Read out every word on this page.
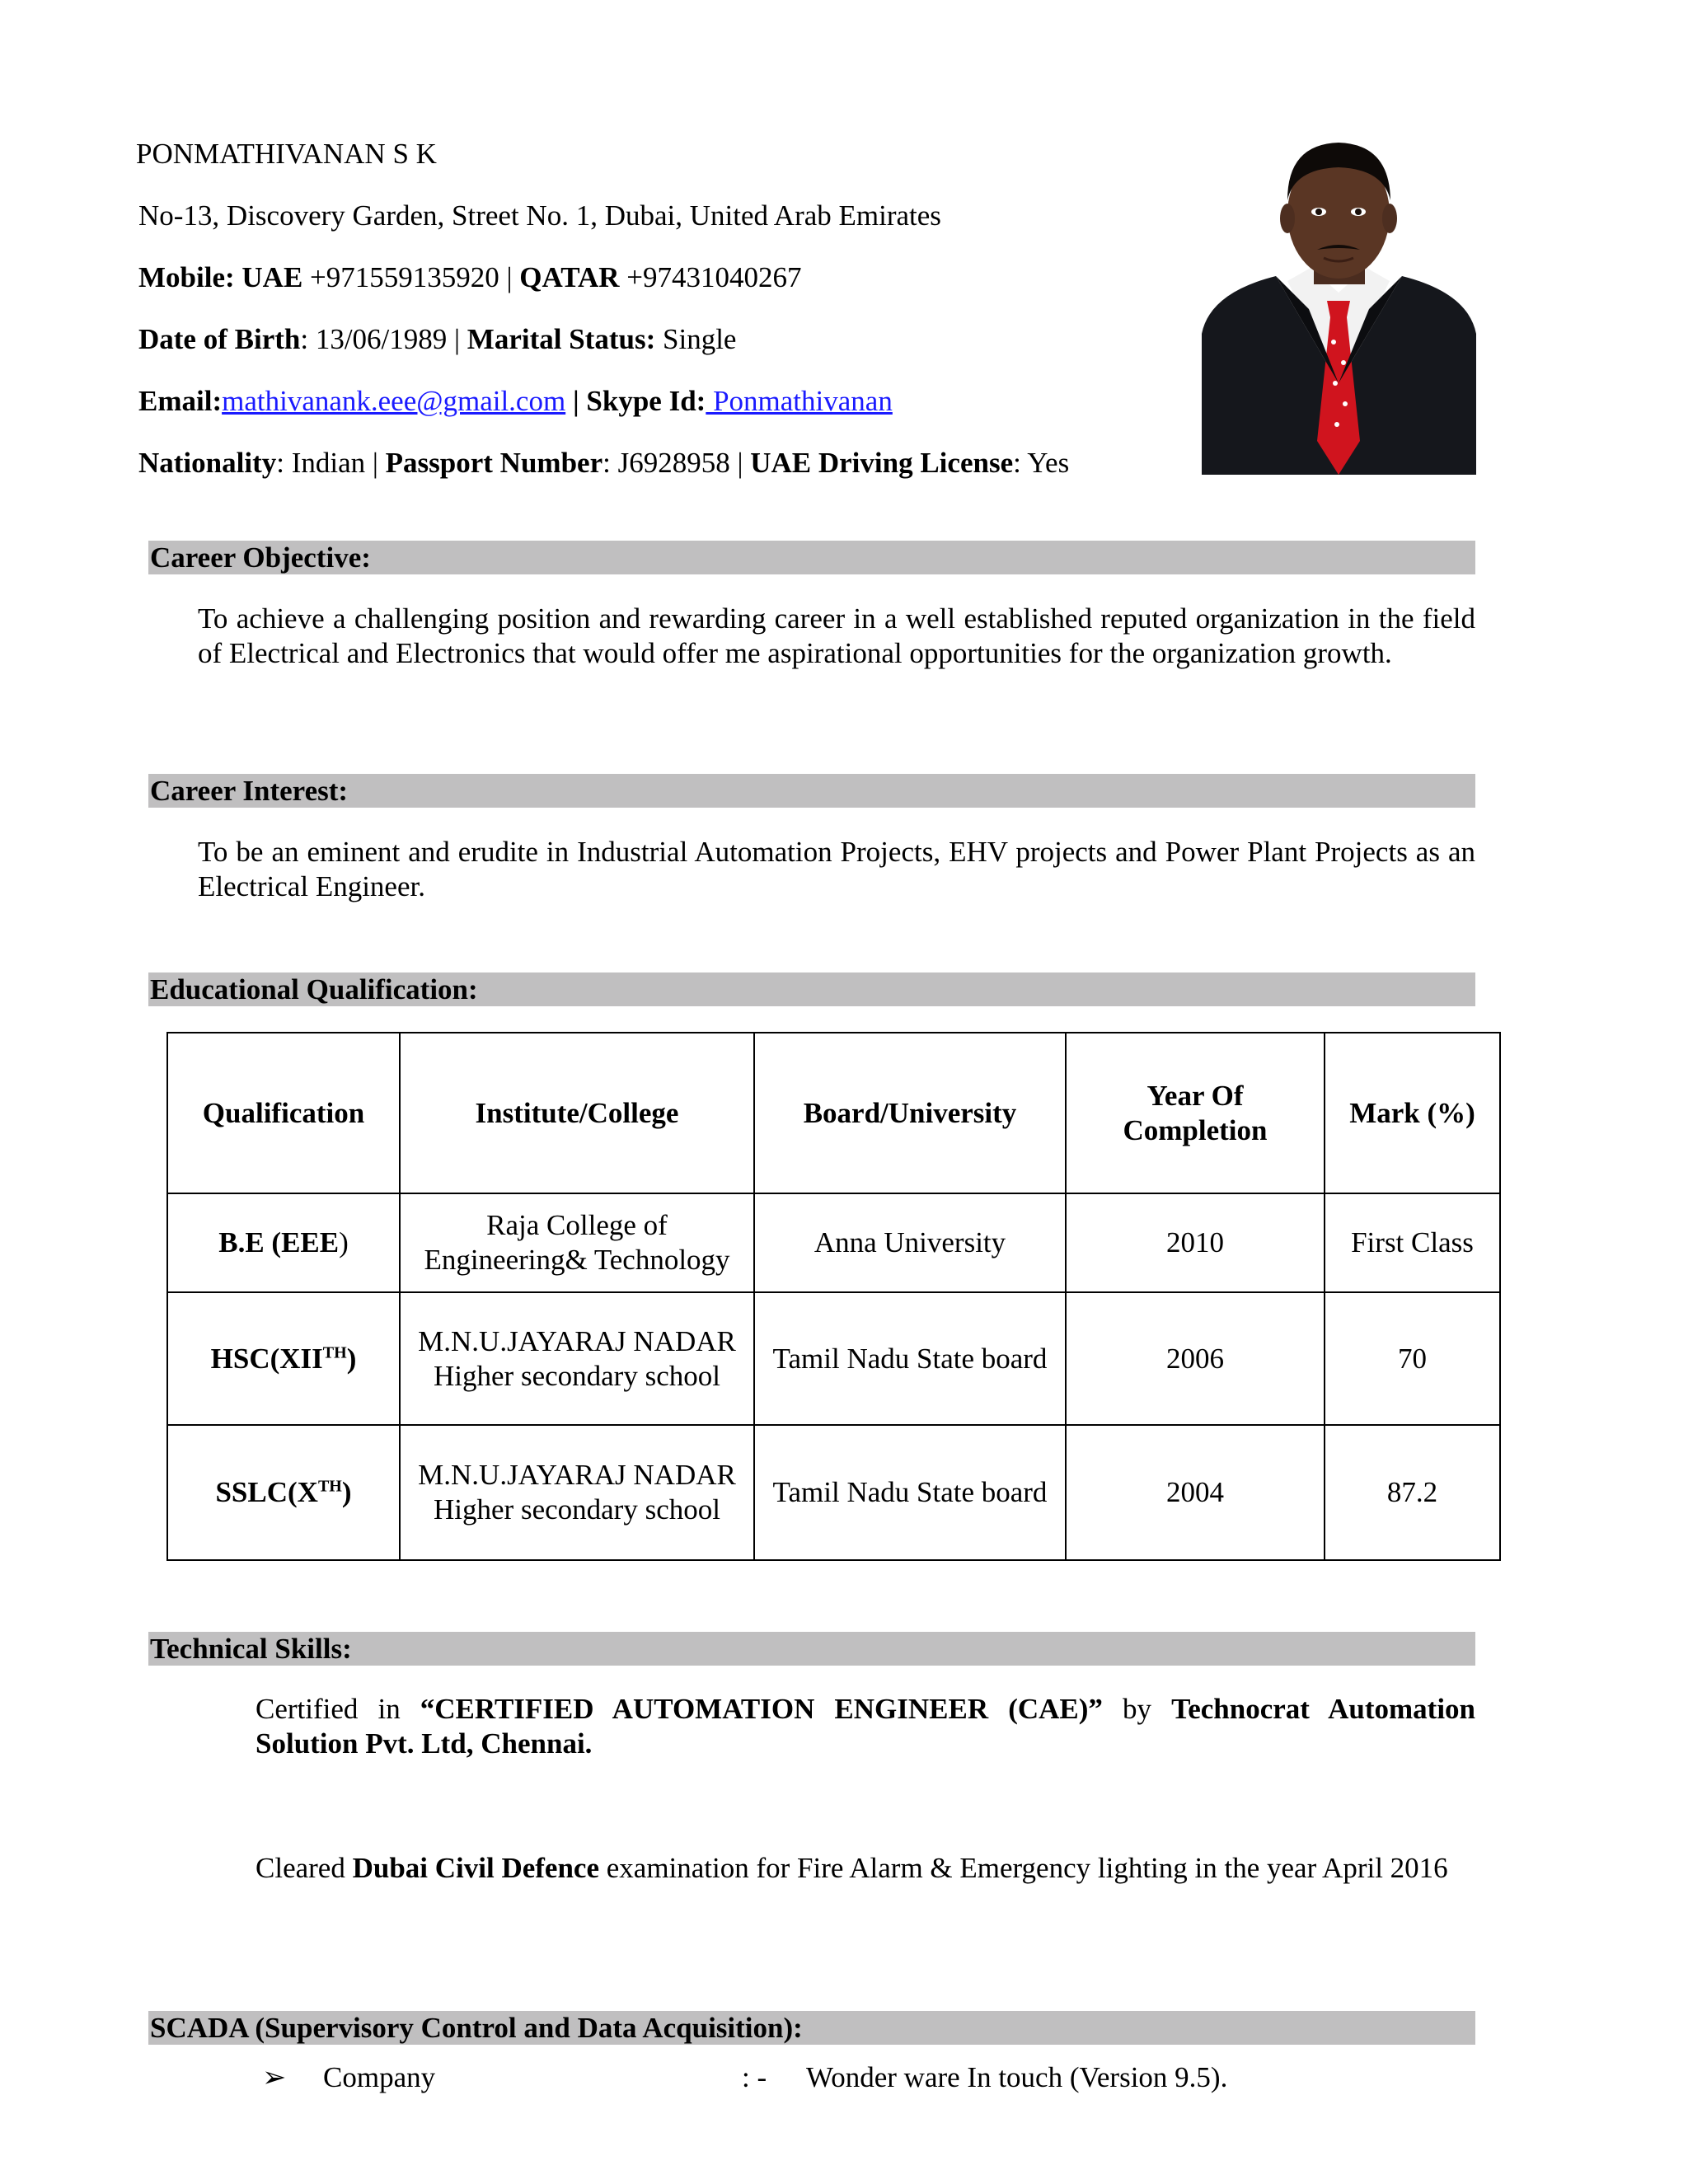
PONMATHIVANAN S K
No-13, Discovery Garden, Street No. 1, Dubai, United Arab Emirates
Mobile: UAE +971559135920 | QATAR +97431040267
Date of Birth: 13/06/1989 | Marital Status: Single
Email:mathivanank.eee@gmail.com | Skype Id: Ponmathivanan
Nationality: Indian | Passport Number: J6928958 | UAE Driving License: Yes
Career Objective:
To achieve a challenging position and rewarding career in a well established reputed organization in the field of Electrical and Electronics that would offer me aspirational opportunities for the organization growth.
Career Interest:
To be an eminent and erudite in Industrial Automation Projects, EHV projects and Power Plant Projects as an Electrical Engineer.
Educational Qualification:
Qualification	Institute/College	Board/University	Year Of Completion	Mark (%)
B.E (EEE)	Raja College of Engineering& Technology	Anna University	2010	First Class
HSC(XIITH)	M.N.U.JAYARAJ NADAR Higher secondary school	Tamil Nadu State board	2006	70
SSLC(XTH)	M.N.U.JAYARAJ NADAR Higher secondary school	Tamil Nadu State board	2004	87.2
Technical Skills:
Certified in “CERTIFIED AUTOMATION ENGINEER (CAE)” by Technocrat Automation Solution Pvt. Ltd, Chennai.
Cleared Dubai Civil Defence examination for Fire Alarm & Emergency lighting in the year April 2016
SCADA (Supervisory Control and Data Acquisition):
➢ Company	: - Wonder ware In touch (Version 9.5).
